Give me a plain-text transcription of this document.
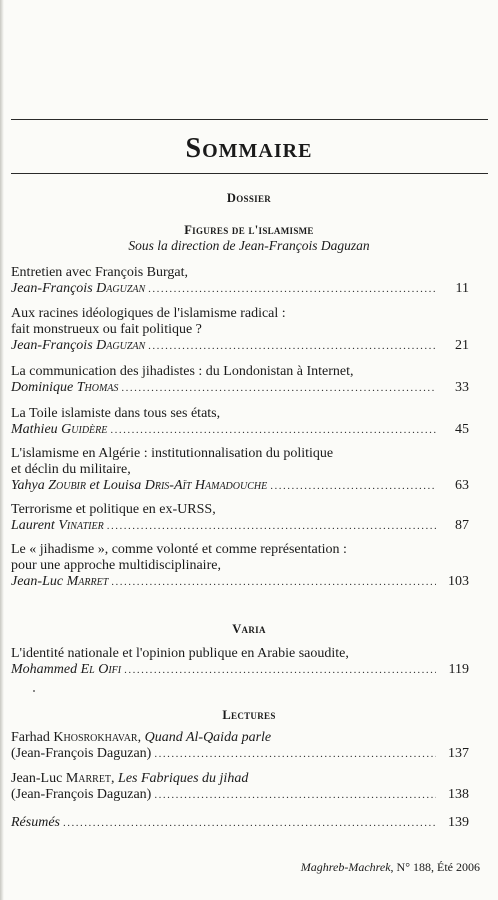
Sommaire
Dossier
Figures de l'islamisme
Sous la direction de Jean-François Daguzan
Entretien avec François Burgat,
Jean-François Daguzan .....	11
Aux racines idéologiques de l'islamisme radical :
fait monstrueux ou fait politique ?
Jean-François Daguzan .....	21
La communication des jihadistes : du Londonistan à Internet,
Dominique Thomas .....	33
La Toile islamiste dans tous ses états,
Mathieu Guidère .....	45
L'islamisme en Algérie : institutionnalisation du politique
et déclin du militaire,
Yahya Zoubir et Louisa Dris-Aït Hamadouche .....	63
Terrorisme et politique en ex-URSS,
Laurent Vinatier .....	87
Le « jihadisme », comme volonté et comme représentation :
pour une approche multidisciplinaire,
Jean-Luc Marret .....	103
Varia
L'identité nationale et l'opinion publique en Arabie saoudite,
Mohammed El Oifi .....	119
Lectures
Farhad Khosrokhavar, Quand Al-Qaida parle
(Jean-François Daguzan) .....	137
Jean-Luc Marret, Les Fabriques du jihad
(Jean-François Daguzan) .....	138
Résumés .....	139
Maghreb-Machrek, N° 188, Été 2006
